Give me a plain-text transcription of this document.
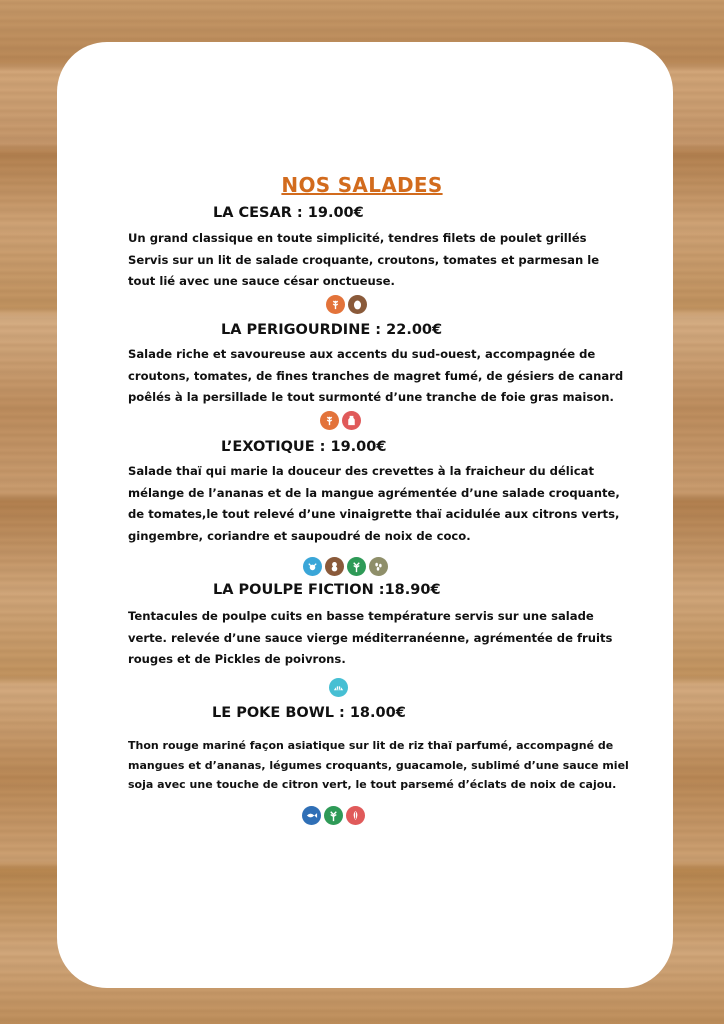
NOS SALADES
LA CESAR : 19.00€
Un grand classique en toute simplicité, tendres filets de poulet grillés
Servis sur un lit de salade croquante, croutons, tomates et parmesan le
tout lié avec une sauce césar onctueuse.
LA PERIGOURDINE : 22.00€
Salade riche et savoureuse aux accents du sud-ouest, accompagnée de
croutons, tomates, de fines tranches de magret fumé, de gésiers de canard
poêlés à la persillade le tout surmonté d’une tranche de foie gras maison.
L’EXOTIQUE : 19.00€
Salade thaï qui marie la douceur des crevettes à la fraicheur du délicat
mélange de l’ananas et de la mangue agrémentée d’une salade croquante,
de tomates,le tout relevé d’une vinaigrette thaï acidulée aux citrons verts,
gingembre, coriandre et saupoudré de noix de coco.
LA POULPE FICTION :18.90€
Tentacules de poulpe cuits en basse température servis sur une salade
verte. relevée d’une sauce vierge méditerranéenne, agrémentée de fruits
rouges et de Pickles de poivrons.
LE POKE BOWL : 18.00€
Thon rouge mariné façon asiatique sur lit de riz thaï parfumé, accompagné de
mangues et d’ananas, légumes croquants, guacamole, sublimé d’une sauce miel
soja avec une touche de citron vert, le tout parsemé d’éclats de noix de cajou.
